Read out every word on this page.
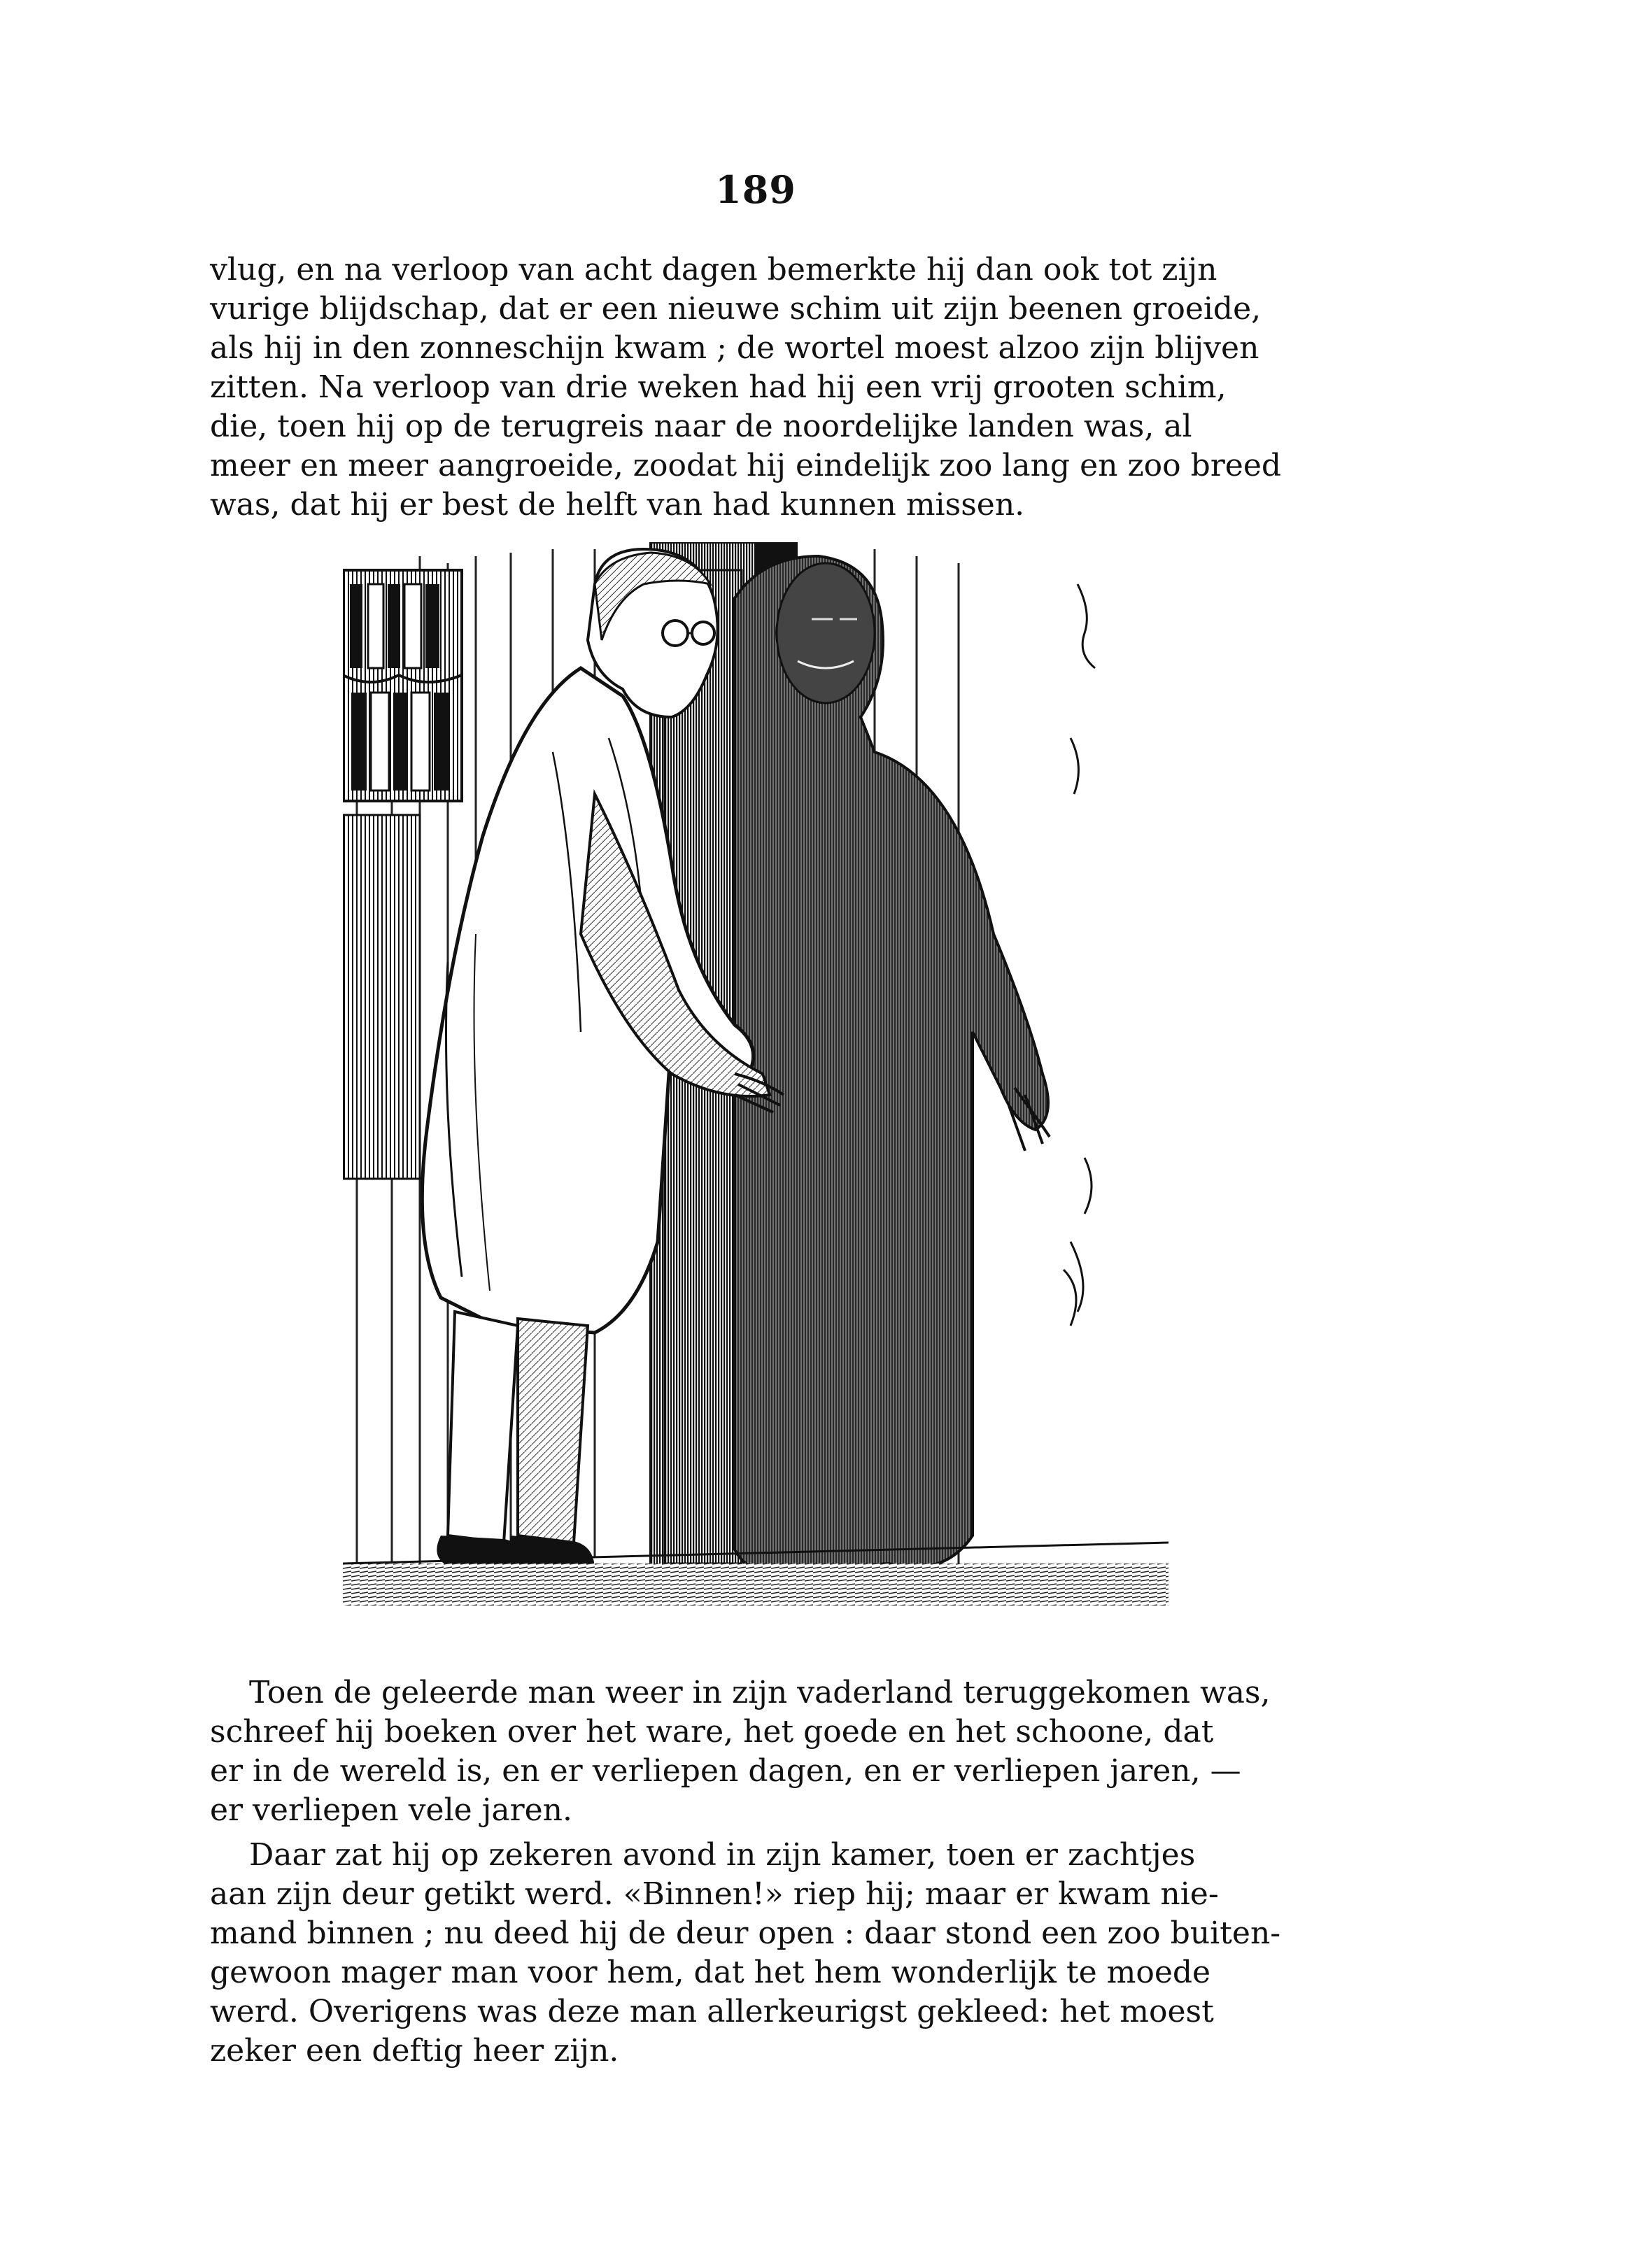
189
vlug, en na verloop van acht dagen bemerkte hij dan ook tot zijn
vurige blijdschap, dat er een nieuwe schim uit zijn beenen groeide,
als hij in den zonneschijn kwam ; de wortel moest alzoo zijn blijven
zitten. Na verloop van drie weken had hij een vrij grooten schim,
die, toen hij op de terugreis naar de noordelijke landen was, al
meer en meer aangroeide, zoodat hij eindelijk zoo lang en zoo breed
was, dat hij er best de helft van had kunnen missen.
Toen de geleerde man weer in zijn vaderland teruggekomen was,
schreef hij boeken over het ware, het goede en het schoone, dat
er in de wereld is, en er verliepen dagen, en er verliepen jaren, —
er verliepen vele jaren.
Daar zat hij op zekeren avond in zijn kamer, toen er zachtjes
aan zijn deur getikt werd. «Binnen!» riep hij; maar er kwam nie-
mand binnen ; nu deed hij de deur open : daar stond een zoo buiten-
gewoon mager man voor hem, dat het hem wonderlijk te moede
werd. Overigens was deze man allerkeurigst gekleed: het moest
zeker een deftig heer zijn.
